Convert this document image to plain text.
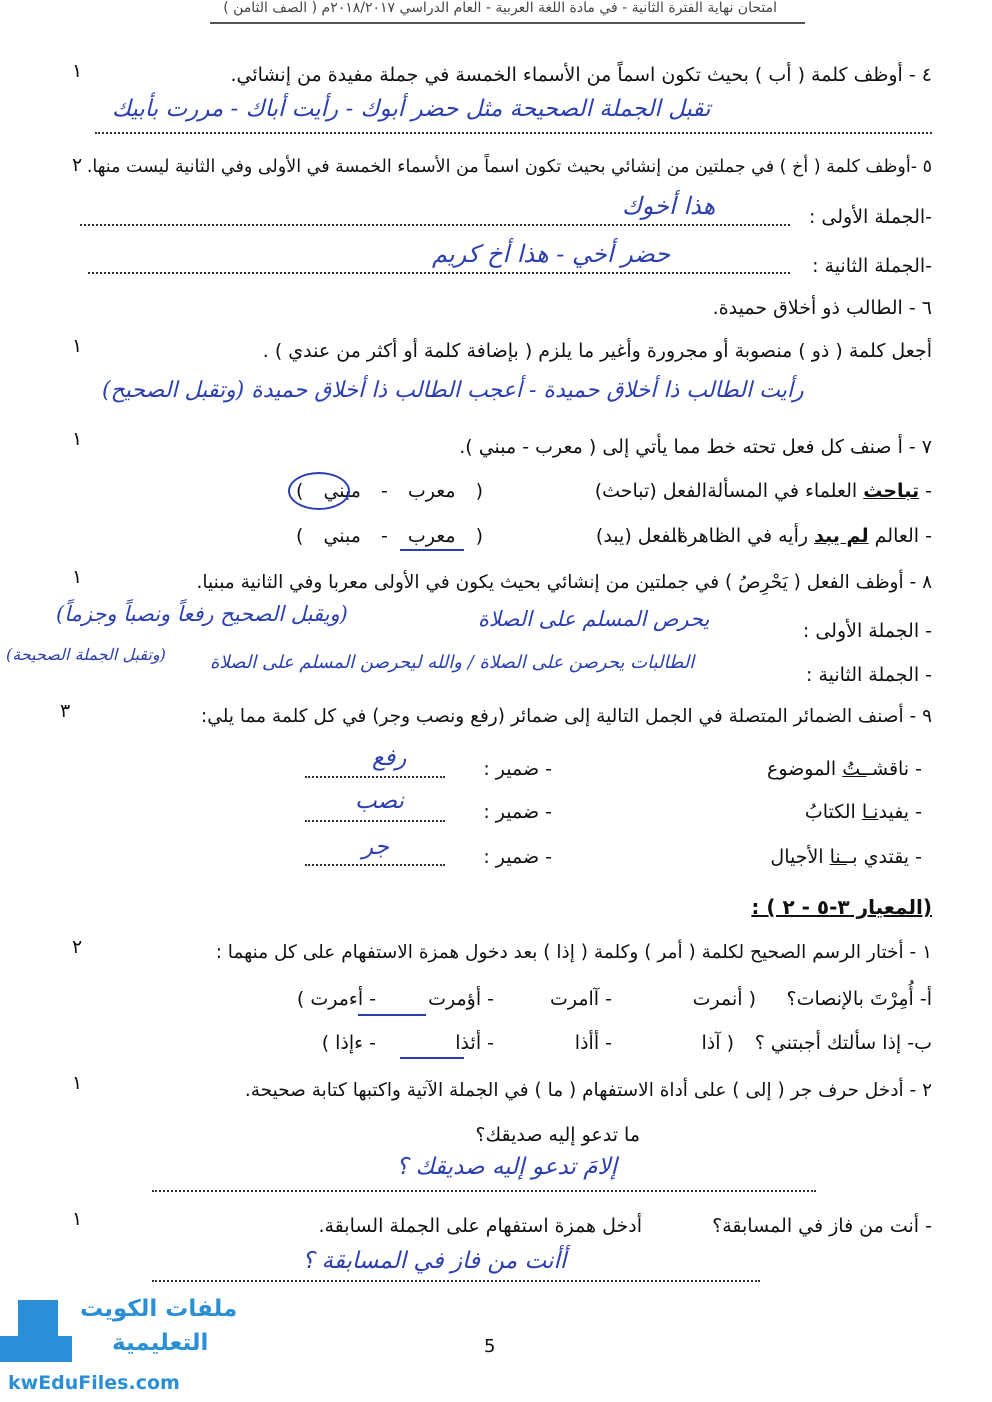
امتحان نهاية الفترة الثانية - في مادة اللغة العربية - العام الدراسي ٢٠١٨/٢٠١٧م ( الصف الثامن )
١	٤ - أوظف كلمة ( أب ) بحيث تكون اسماً من الأسماء الخمسة في جملة مفيدة من إنشائي.
تقبل الجملة الصحيحة مثل حضر أبوك - رأيت أباك - مررت بأبيك
٢ ٥ -أوظف كلمة ( أخ ) في جملتين من إنشائي بحيث تكون اسماً من الأسماء الخمسة في الأولى وفي الثانية ليست منها.
-الجملة الأولى :
هذا أخوك
-الجملة الثانية :
حضر أخي - هذا أخ كريم
٦ - الطالب ذو أخلاق حميدة.
١	أجعل كلمة ( ذو ) منصوبة أو مجرورة وأغير ما يلزم ( بإضافة كلمة أو أكثر من عندي ) .
رأيت الطالب ذا أخلاق حميدة - أعجب الطالب ذا أخلاق حميدة (وتقبل الصحيح)
١	٧ - أ صنف كل فعل تحته خط مما يأتي إلى ( معرب - مبني ).
- تباحث العلماء في المسألة.
الفعل (تباحث)
( معرب - مبني )
- العالم لم يبد رأيه في الظاهرة.
الفعل (يبد)
( معرب - مبني )
١	٨ - أوظف الفعل ( يَحْرِصُ ) في جملتين من إنشائي بحيث يكون في الأولى معربا وفي الثانية مبنيا.
- الجملة الأولى :
يحرص المسلم على الصلاة
(ويقبل الصحيح رفعاً ونصباً وجزماً)
- الجملة الثانية :
الطالبات يحرصن على الصلاة / والله ليحرصن المسلم على الصلاة
(وتقبل الجملة الصحيحة)
٣	٩ - أصنف الضمائر المتصلة في الجمل التالية إلى ضمائر (رفع ونصب وجر) في كل كلمة مما يلي:
- ناقشــتُ الموضوع
- ضمير :
رفع
- يفيدنـا الكتابُ
- ضمير :
نصب
- يقتدي بــنا الأجيال
- ضمير :
جر
(المعيار ٣-٥ - ٢ ) :
٢	١ - أختار الرسم الصحيح لكلمة ( أمر ) وكلمة ( إذا ) بعد دخول همزة الاستفهام على كل منهما :
أ- أُمِرْتَ بالإنصات؟
( أنمرت
- آامرت
- أؤمرت
- أءمرت )
ب- إذا سألتك أجبتني ؟
( آذا
- أأذا
- أئذا
- ءإذا )
١	٢ - أدخل حرف جر ( إلى ) على أداة الاستفهام ( ما ) في الجملة الآتية واكتبها كتابة صحيحة.
ما تدعو إليه صديقك؟
إلامَ تدعو إليه صديقك ؟
١	- أنت من فاز في المسابقة؟
أدخل همزة استفهام على الجملة السابقة.
أأنت من فاز في المسابقة ؟
5
ملفات الكويت
التعليمية
kwEduFiles.com
